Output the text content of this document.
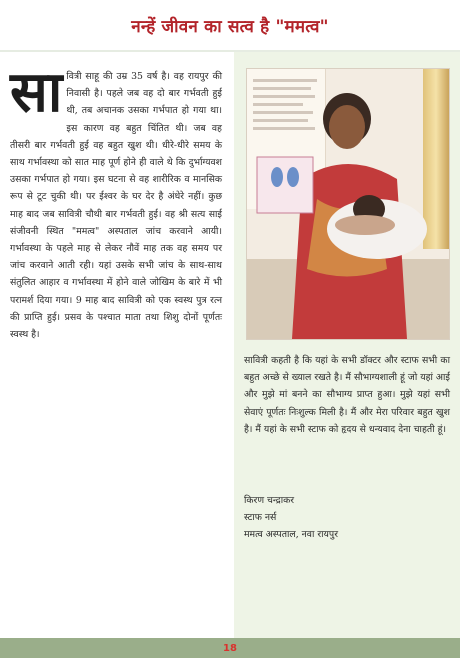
नन्हें जीवन का सत्व है "ममत्व"
सावित्री साहू की उम्र 35 वर्ष है। वह रायपुर की निवासी है। पहले जब वह दो बार गर्भवती हुई थी, तब अचानक उसका गर्भपात हो गया था। इस कारण वह बहुत चिंतित थी। जब वह तीसरी बार गर्भवती हुई वह बहुत खुश थी। धीरे-धीरे समय के साथ गर्भावस्था को सात माह पूर्ण होने ही वाले थे कि दुर्भाग्यवश उसका गर्भपात हो गया। इस घटना से वह शारीरिक व मानसिक रूप से टूट चुकी थी। पर ईश्वर के घर देर है अंधेरे नहीं। कुछ माह बाद जब सावित्री चौथी बार गर्भवती हुई। वह श्री सत्य साई संजीवनी स्थित "ममत्व" अस्पताल जांच करवाने आयी। गर्भावस्था के पहले माह से लेकर नौवें माह तक वह समय पर जांच करवाने आती रही। यहां उसके सभी जांच के साथ-साथ संतुलित आहार व गर्भावस्था में होने वाले जोखिम के बारे में भी परामर्श दिया गया। 9 माह बाद सावित्री को एक स्वस्थ पुत्र रत्न की प्राप्ति हुई। प्रसव के पश्चात माता तथा शिशु दोनों पूर्णतः स्वस्थ है।
सावित्री कहती है कि यहां के सभी डॉक्टर और स्टाफ सभी का बहुत अच्छे से ख्याल रखते है। मैं सौभाग्यशाली हूं जो यहां आई और मुझे मां बनने का सौभाग्य प्राप्त हुआ। मुझे यहां सभी सेवाएं पूर्णतः निःशुल्क मिली है। मैं और मेरा परिवार बहुत खुश है। मैं यहां के सभी स्टाफ को हृदय से धन्यवाद देना चाहती हूं।
किरण चन्द्राकर
स्टाफ नर्स
ममत्व अस्पताल, नवा रायपुर
18
